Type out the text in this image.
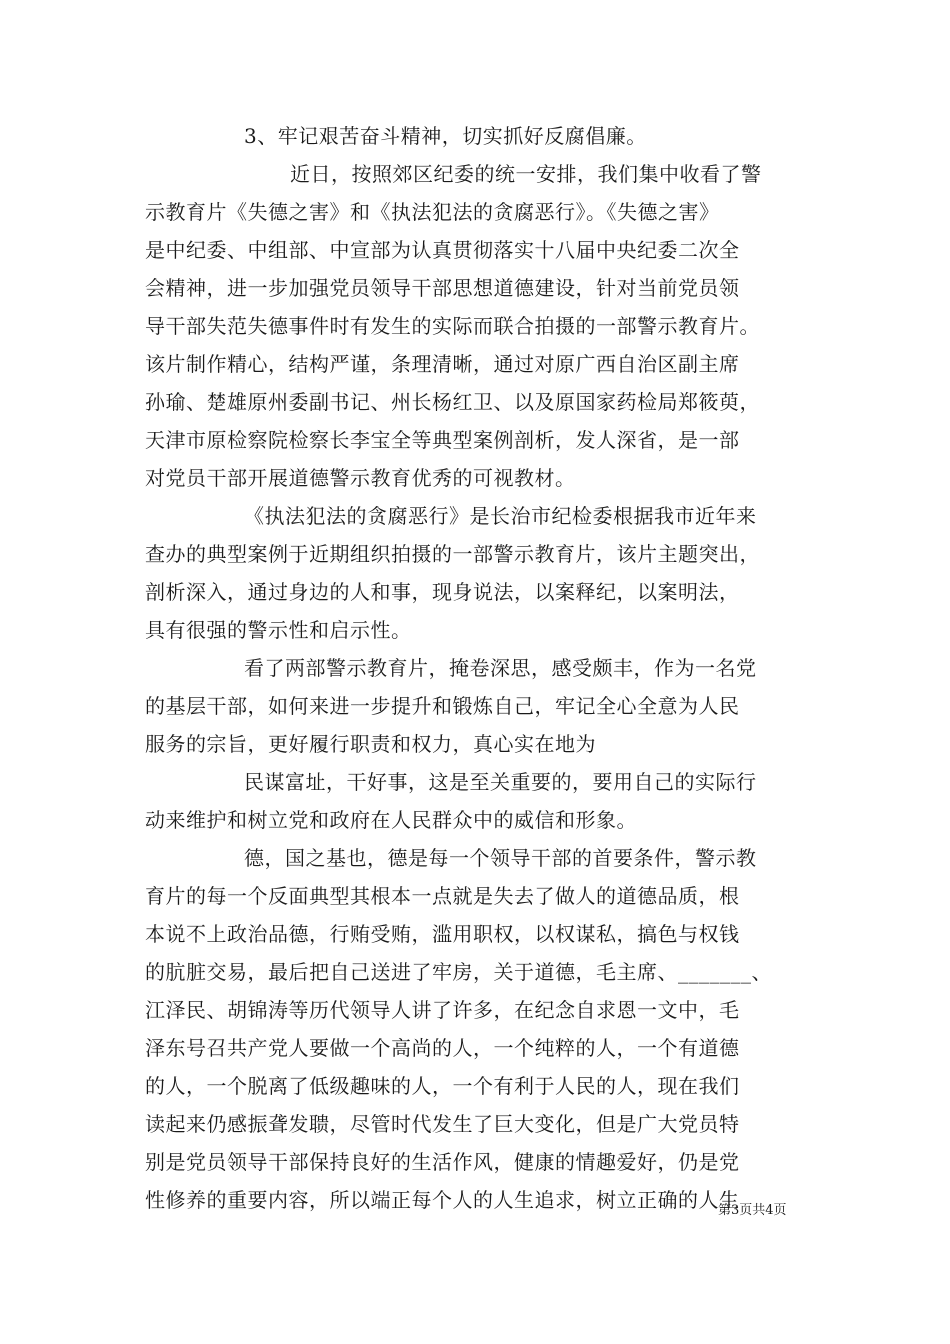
3、牢记艰苦奋斗精神，切实抓好反腐倡廉。

近日，按照郊区纪委的统一安排，我们集中收看了警

示教育片《失德之害》和《执法犯法的贪腐恶行》。《失德之害》

是中纪委、中组部、中宣部为认真贯彻落实十八届中央纪委二次全

会精神，进一步加强党员领导干部思想道德建设，针对当前党员领

导干部失范失德事件时有发生的实际而联合拍摄的一部警示教育片。

该片制作精心，结构严谨，条理清晰，通过对原广西自治区副主席

孙瑜、楚雄原州委副书记、州长杨红卫、以及原国家药检局郑筱萸，

天津市原检察院检察长李宝全等典型案例剖析，发人深省，是一部

对党员干部开展道德警示教育优秀的可视教材。

《执法犯法的贪腐恶行》是长治市纪检委根据我市近年来

查办的典型案例于近期组织拍摄的一部警示教育片，该片主题突出，

剖析深入，通过身边的人和事，现身说法，以案释纪，以案明法，

具有很强的警示性和启示性。

看了两部警示教育片，掩卷深思，感受颇丰，作为一名党

的基层干部，如何来进一步提升和锻炼自己，牢记全心全意为人民

服务的宗旨，更好履行职责和权力，真心实在地为

民谋富址，干好事，这是至关重要的，要用自己的实际行

动来维护和树立党和政府在人民群众中的威信和形象。

德，国之基也，德是每一个领导干部的首要条件，警示教

育片的每一个反面典型其根本一点就是失去了做人的道德品质，根

本说不上政治品德，行贿受贿，滥用职权，以权谋私，搞色与权钱

的肮脏交易，最后把自己送进了牢房，关于道德，毛主席、_______、

江泽民、胡锦涛等历代领导人讲了许多，在纪念自求恩一文中，毛

泽东号召共产党人要做一个高尚的人，一个纯粹的人，一个有道德

的人，一个脱离了低级趣味的人，一个有利于人民的人，现在我们

读起来仍感振聋发聩，尽管时代发生了巨大变化，但是广大党员特

别是党员领导干部保持良好的生活作风，健康的情趣爱好，仍是党

性修养的重要内容，所以端正每个人的人生追求，树立正确的人生

第3页共4页
